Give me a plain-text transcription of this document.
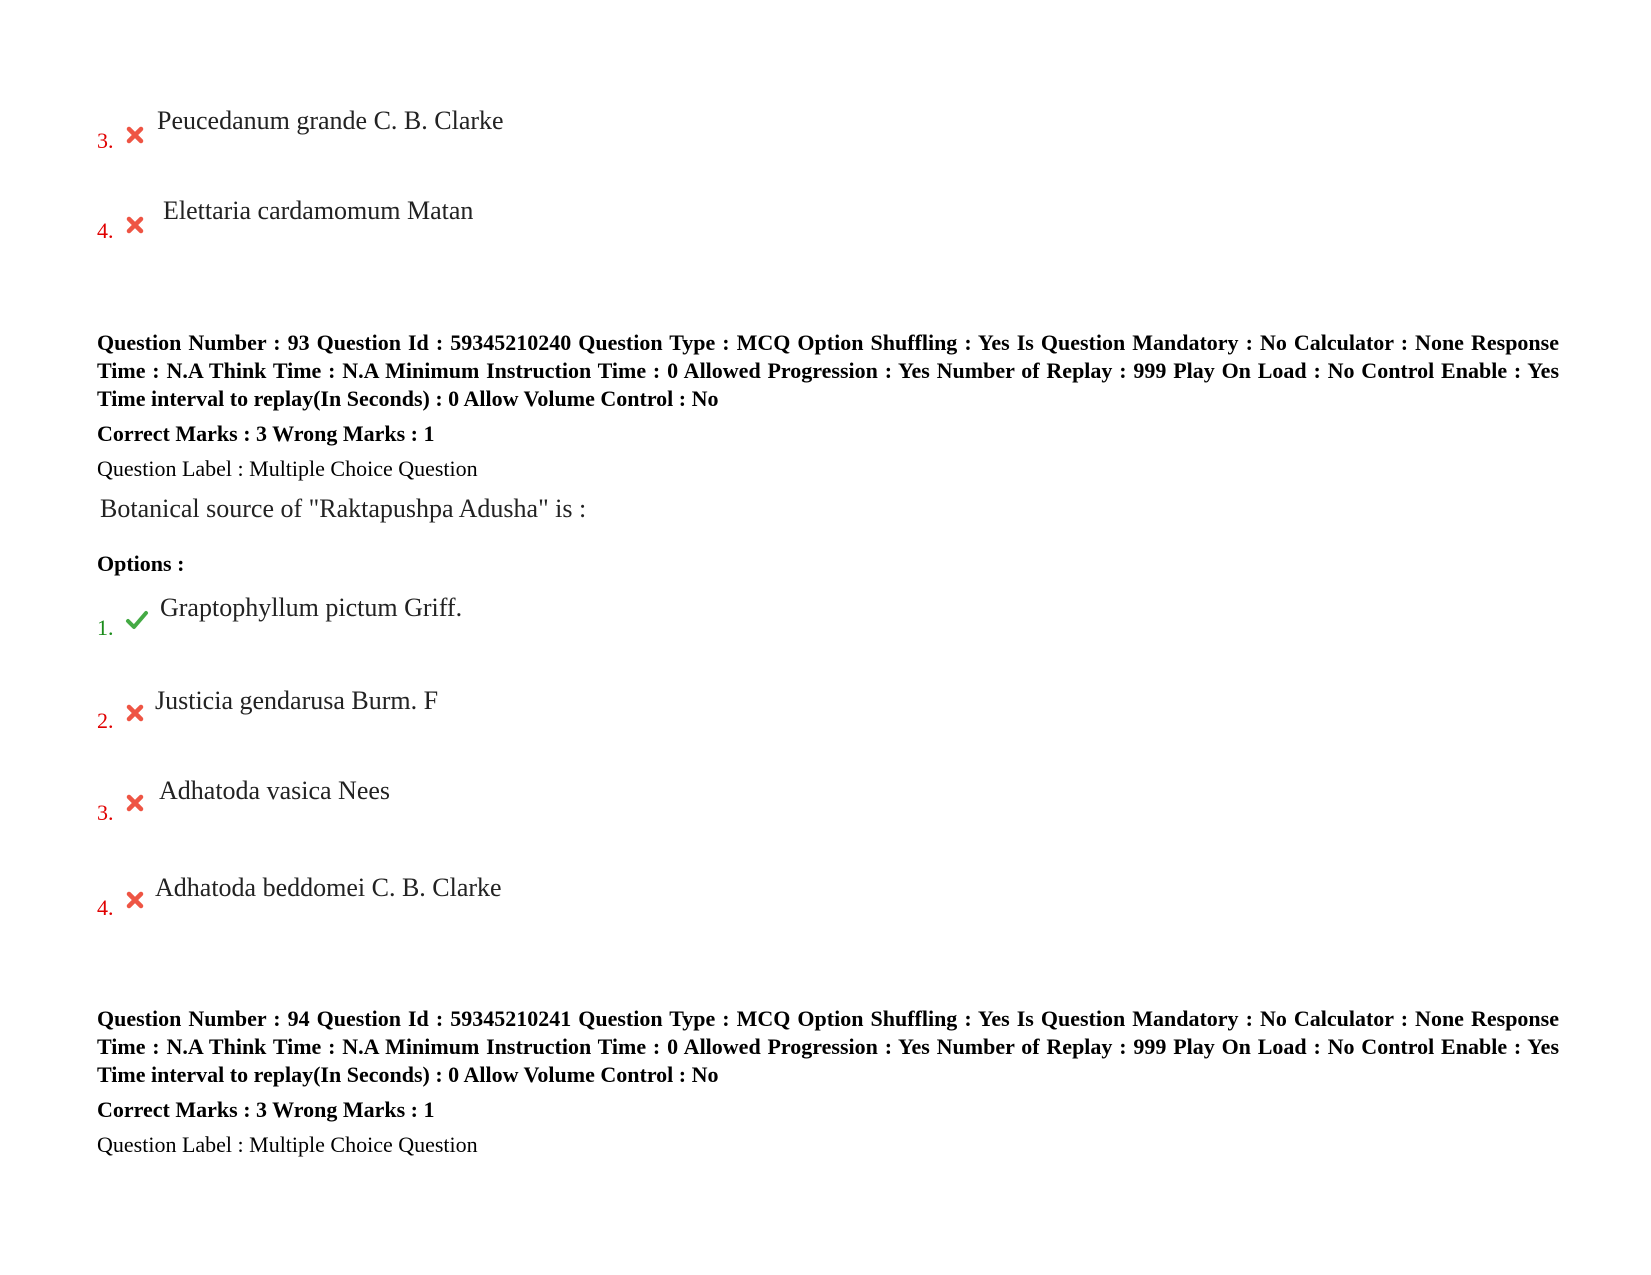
3.
Peucedanum grande C. B. Clarke
4.
Elettaria cardamomum Matan
Question Number : 93 Question Id : 59345210240 Question Type : MCQ Option Shuffling : Yes Is Question Mandatory : No Calculator : None Response Time : N.A Think Time : N.A Minimum Instruction Time : 0 Allowed Progression : Yes Number of Replay : 999 Play On Load : No Control Enable : Yes Time interval to replay(In Seconds) : 0 Allow Volume Control : No
Correct Marks : 3 Wrong Marks : 1
Question Label : Multiple Choice Question
Botanical source of "Raktapushpa Adusha" is :
Options :
1.
Graptophyllum pictum Griff.
2.
Justicia gendarusa Burm. F
3.
Adhatoda vasica Nees
4.
Adhatoda beddomei C. B. Clarke
Question Number : 94 Question Id : 59345210241 Question Type : MCQ Option Shuffling : Yes Is Question Mandatory : No Calculator : None Response Time : N.A Think Time : N.A Minimum Instruction Time : 0 Allowed Progression : Yes Number of Replay : 999 Play On Load : No Control Enable : Yes Time interval to replay(In Seconds) : 0 Allow Volume Control : No
Correct Marks : 3 Wrong Marks : 1
Question Label : Multiple Choice Question
